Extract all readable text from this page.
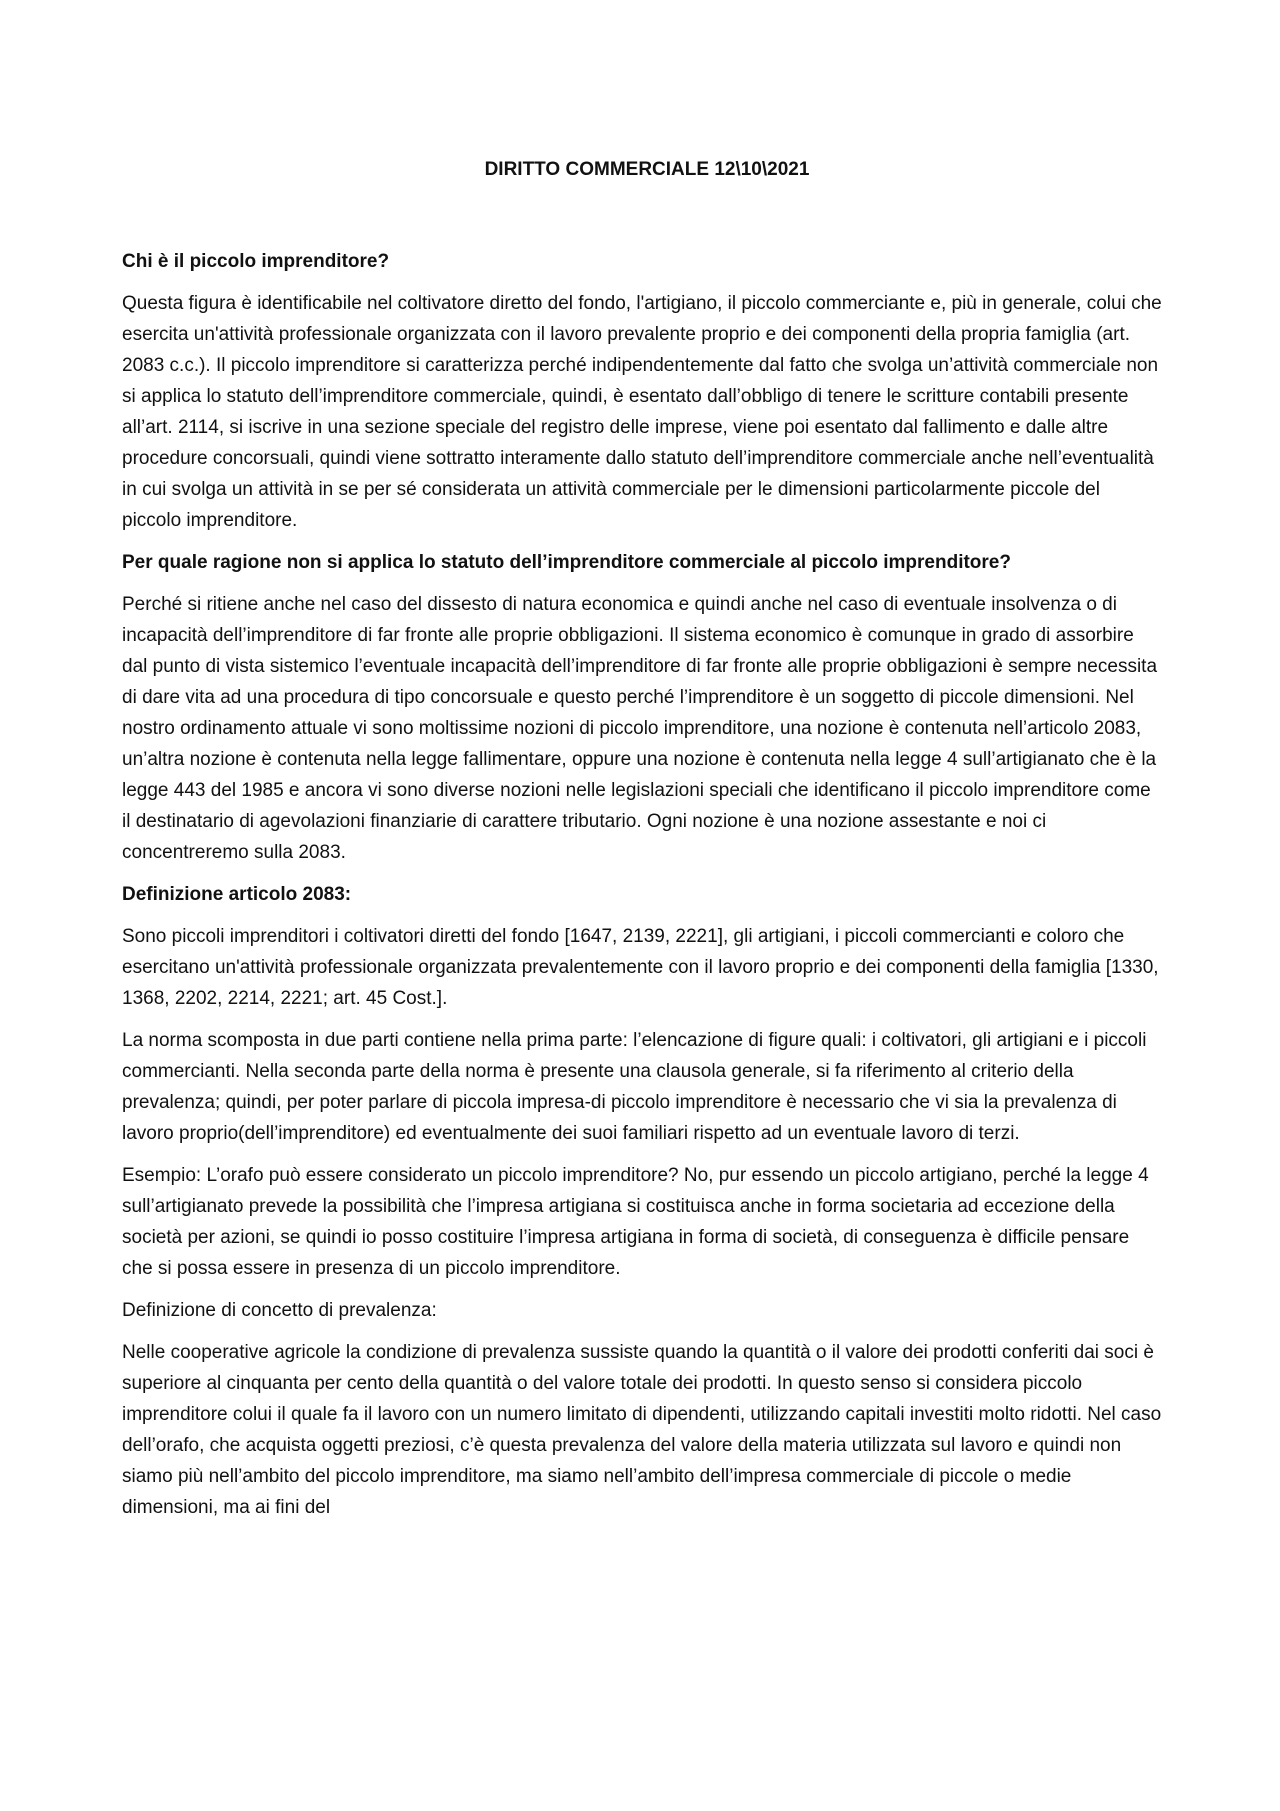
DIRITTO COMMERCIALE 12\10\2021
Chi è il piccolo imprenditore?
Questa figura è identificabile nel coltivatore diretto del fondo, l'artigiano, il piccolo commerciante e, più in generale, colui che esercita un'attività professionale organizzata con il lavoro prevalente proprio e dei componenti della propria famiglia (art. 2083 c.c.). Il piccolo imprenditore si caratterizza perché indipendentemente dal fatto che svolga un’attività commerciale non si applica lo statuto dell’imprenditore commerciale, quindi, è esentato dall’obbligo di tenere le scritture contabili presente all’art. 2114, si iscrive in una sezione speciale del registro delle imprese, viene poi esentato dal fallimento e dalle altre procedure concorsuali, quindi viene sottratto interamente dallo statuto dell’imprenditore commerciale anche nell’eventualità in cui svolga un attività in se per sé considerata un attività commerciale per le dimensioni particolarmente piccole del piccolo imprenditore.
Per quale ragione non si applica lo statuto dell’imprenditore commerciale al piccolo imprenditore?
Perché si ritiene anche nel caso del dissesto di natura economica e quindi anche nel caso di eventuale insolvenza o di incapacità dell’imprenditore di far fronte alle proprie obbligazioni. Il sistema economico è comunque in grado di assorbire dal punto di vista sistemico l’eventuale incapacità dell’imprenditore di far fronte alle proprie obbligazioni è sempre necessita di dare vita ad una procedura di tipo concorsuale e questo perché l’imprenditore è un soggetto di piccole dimensioni. Nel nostro ordinamento attuale vi sono moltissime nozioni di piccolo imprenditore, una nozione è contenuta nell’articolo 2083, un’altra nozione è contenuta nella legge fallimentare, oppure una nozione è contenuta nella legge 4 sull’artigianato che è la legge 443 del 1985 e ancora vi sono diverse nozioni nelle legislazioni speciali che identificano il piccolo imprenditore come il destinatario di agevolazioni finanziarie di carattere tributario. Ogni nozione è una nozione assestante e noi ci concentreremo sulla 2083.
Definizione articolo 2083:
Sono piccoli imprenditori i coltivatori diretti del fondo [1647, 2139, 2221], gli artigiani, i piccoli commercianti e coloro che esercitano un'attività professionale organizzata prevalentemente con il lavoro proprio e dei componenti della famiglia [1330, 1368, 2202, 2214, 2221; art. 45 Cost.].
La norma scomposta in due parti contiene nella prima parte: l’elencazione di figure quali: i coltivatori, gli artigiani e i piccoli commercianti. Nella seconda parte della norma è presente una clausola generale, si fa riferimento al criterio della prevalenza; quindi, per poter parlare di piccola impresa-di piccolo imprenditore è necessario che vi sia la prevalenza di lavoro proprio(dell’imprenditore) ed eventualmente dei suoi familiari rispetto ad un eventuale lavoro di terzi.
Esempio: L’orafo può essere considerato un piccolo imprenditore? No, pur essendo un piccolo artigiano, perché la legge 4 sull’artigianato prevede la possibilità che l’impresa artigiana si costituisca anche in forma societaria ad eccezione della società per azioni, se quindi io posso costituire l’impresa artigiana in forma di società, di conseguenza è difficile pensare che si possa essere in presenza di un piccolo imprenditore.
Definizione di concetto di prevalenza:
Nelle cooperative agricole la condizione di prevalenza sussiste quando la quantità o il valore dei prodotti conferiti dai soci è superiore al cinquanta per cento della quantità o del valore totale dei prodotti. In questo senso si considera piccolo imprenditore colui il quale fa il lavoro con un numero limitato di dipendenti, utilizzando capitali investiti molto ridotti. Nel caso dell’orafo, che acquista oggetti preziosi, c’è questa prevalenza del valore della materia utilizzata sul lavoro e quindi non siamo più nell’ambito del piccolo imprenditore, ma siamo nell’ambito dell’impresa commerciale di piccole o medie dimensioni, ma ai fini del
